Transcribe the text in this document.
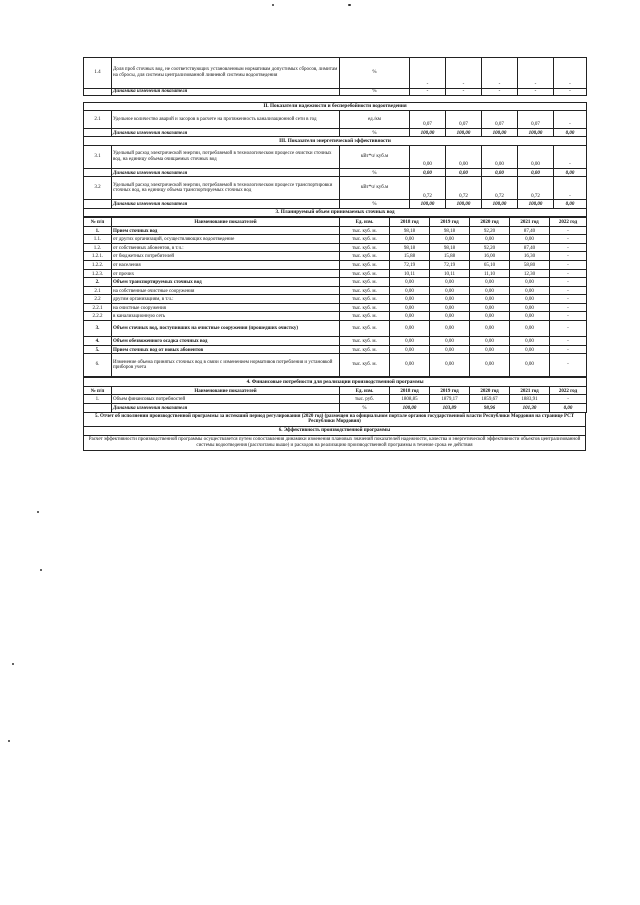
1.4	Доля проб сточных вод, не соответствующих установленным нормативам допустимых сбросов, лимитам на сбросы, для системы централизованной ливневой системы водоотведения	%	-	-	-	-	-
	Динамика изменения показателя	%	-	-	-	-	-
II. Показатели надежности и бесперебойности водоотведения							
2.1	Удельное количество аварий и засоров в расчете на протяженность канализационной сети в год	ед./км	0,07	0,07	0,07	0,07	-
	Динамика изменения показателя	%	100,00	100,00	100,00	100,00	0,00
III. Показатели энергетической эффективности							
3.1	Удельный расход электрической энергии, потребляемой в технологическом процессе очистки сточных вод, на единицу объема очищаемых сточных вод	кВт*ч/ куб.м	0,00	0,00	0,00	0,00	-
	Динамика изменения показателя	%	0,00	0,00	0,00	0,00	0,00
3.2	Удельный расход электрической энергии, потребляемой в технологическом процессе транспортировки сточных вод, на единицу объема транспортируемых сточных вод	кВт*ч/ куб.м	0,72	0,72	0,72	0,72	-
	Динамика изменения показателя	%	100,00	100,00	100,00	100,00	0,00
3. Планируемый объем принимаемых сточных вод							
№ п/п	Наименование показателей	Ед. изм.	2018 год	2019 год	2020 год	2021 год	2022 год
1.	Прием сточных вод	тыс. куб. м.	98,18	98,18	92,20	87,40	-
1.1.	от других организаций, осуществляющих водоотведение	тыс. куб. м.	0,00	0,00	0,00	0,00	-
1.2.	от собственных абонентов, в т.ч.:	тыс. куб. м.	98,18	98,18	92,20	87,40	-
1.2.1.	от бюджетных потребителей	тыс. куб. м.	15,88	15,88	16,00	16,30	-
1.2.2.	от населения	тыс. куб. м.	72,19	72,19	65,10	58,80	-
1.2.3.	от прочих	тыс. куб. м.	10,11	10,11	11,10	12,30	-
2.	Объем транспортируемых сточных вод	тыс. куб. м.	0,00	0,00	0,00	0,00	-
2.1	на собственные очистные сооружения	тыс. куб. м.	0,00	0,00	0,00	0,00	-
2.2	другим организациям, в т.ч.:	тыс. куб. м.	0,00	0,00	0,00	0,00	-
2.2.1	на очистные сооружения	тыс. куб. м.	0,00	0,00	0,00	0,00	-
2.2.2	в канализационную сеть	тыс. куб. м.	0,00	0,00	0,00	0,00	-
3.	Объем сточных вод, поступивших на очистные сооружения (прошедших очистку)	тыс. куб. м.	0,00	0,00	0,00	0,00	-
4.	Объем обезвоженного осадка сточных вод	тыс. куб. м.	0,00	0,00	0,00	0,00	-
5.	Прием сточных вод от новых абонентов	тыс. куб. м.	0,00	0,00	0,00	0,00	-
6.	Изменение объема принятых сточных вод в связи с изменением нормативов потребления и установкой приборов учета	тыс. куб. м.	0,00	0,00	0,00	0,00	-
4. Финансовые потребности для реализации производственной программы							
№ п/п	Наименование показателей	Ед. изм.	2018 год	2019 год	2020 год	2021 год	2022 год
1.	Объем финансовых потребностей	тыс. руб.	1808,85	1879,17	1859,67	1883,91	-
	Динамика изменения показателя	%	100,00	103,89	98,96	101,30	0,00
5. Отчет об исполнении производственной программы за истекший период регулирования (2020 год) (размещен на официальном портале органов государственной власти Республики Мордовия на странице РСТ Республики Мордовия)
6. Эффективность производственной программы
Расчет эффективности производственной программы осуществляется путем сопоставления динамики изменения плановых значений показателей надежности, качества и энергетической эффективности объектов централизованной системы водоотведения (рассчитаны выше) и расходов на реализацию производственной программы в течение срока ее действия
